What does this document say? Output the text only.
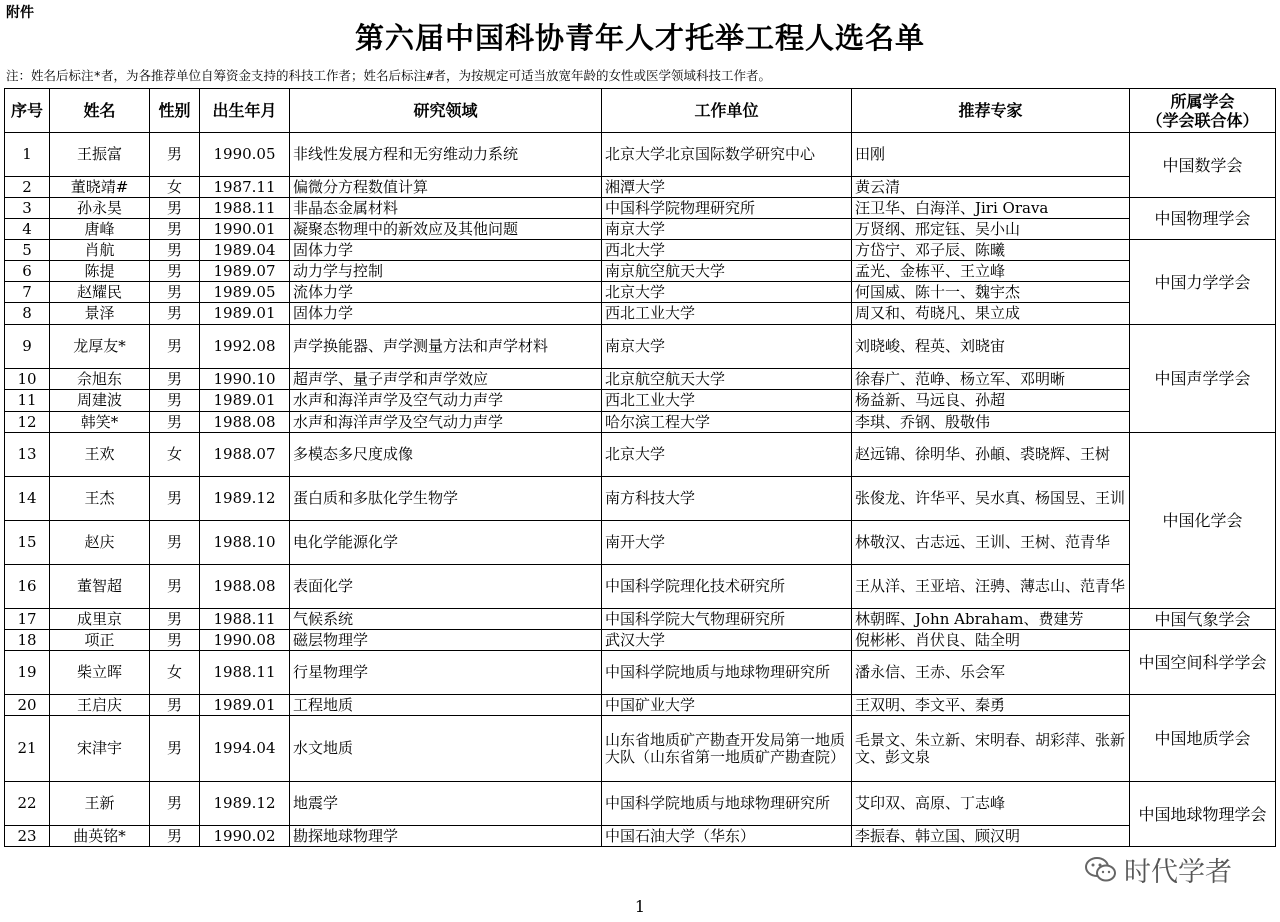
附件
第六届中国科协青年人才托举工程人选名单
注：姓名后标注*者，为各推荐单位自筹资金支持的科技工作者；姓名后标注#者，为按规定可适当放宽年龄的女性或医学领域科技工作者。
序号	姓名	性别	出生年月	研究领域	工作单位	推荐专家	所属学会
（学会联合体）
1	王振富	男	1990.05	非线性发展方程和无穷维动力系统	北京大学北京国际数学研究中心	田刚	中国数学会
2	董晓靖#	女	1987.11	偏微分方程数值计算	湘潭大学	黄云清	
3	孙永昊	男	1988.11	非晶态金属材料	中国科学院物理研究所	汪卫华、白海洋、Jiri Orava	中国物理学会
4	唐峰	男	1990.01	凝聚态物理中的新效应及其他问题	南京大学	万贤纲、邢定钰、吴小山	
5	肖航	男	1989.04	固体力学	西北大学	方岱宁、邓子辰、陈曦	中国力学学会
6	陈提	男	1989.07	动力学与控制	南京航空航天大学	孟光、金栋平、王立峰	
7	赵耀民	男	1989.05	流体力学	北京大学	何国威、陈十一、魏宇杰	
8	景泽	男	1989.01	固体力学	西北工业大学	周又和、苟晓凡、果立成	
9	龙厚友*	男	1992.08	声学换能器、声学测量方法和声学材料	南京大学	刘晓峻、程英、刘晓宙	中国声学学会
10	佘旭东	男	1990.10	超声学、量子声学和声学效应	北京航空航天大学	徐春广、范峥、杨立军、邓明晰	
11	周建波	男	1989.01	水声和海洋声学及空气动力声学	西北工业大学	杨益新、马远良、孙超	
12	韩笑*	男	1988.08	水声和海洋声学及空气动力声学	哈尔滨工程大学	李琪、乔钢、殷敬伟	
13	王欢	女	1988.07	多模态多尺度成像	北京大学	赵远锦、徐明华、孙頔、裘晓辉、王树	中国化学会
14	王杰	男	1989.12	蛋白质和多肽化学生物学	南方科技大学	张俊龙、许华平、吴水真、杨国昱、王训	
15	赵庆	男	1988.10	电化学能源化学	南开大学	林敬汉、古志远、王训、王树、范青华	
16	董智超	男	1988.08	表面化学	中国科学院理化技术研究所	王从洋、王亚培、汪骋、薄志山、范青华	
17	成里京	男	1988.11	气候系统	中国科学院大气物理研究所	林朝晖、John Abraham、费建芳	中国气象学会
18	项正	男	1990.08	磁层物理学	武汉大学	倪彬彬、肖伏良、陆全明	中国空间科学学会
19	柴立晖	女	1988.11	行星物理学	中国科学院地质与地球物理研究所	潘永信、王赤、乐会军	
20	王启庆	男	1989.01	工程地质	中国矿业大学	王双明、李文平、秦勇	中国地质学会
21	宋津宇	男	1994.04	水文地质	山东省地质矿产勘查开发局第一地质大队（山东省第一地质矿产勘查院）	毛景文、朱立新、宋明春、胡彩萍、张新文、彭文泉	
22	王新	男	1989.12	地震学	中国科学院地质与地球物理研究所	艾印双、高原、丁志峰	中国地球物理学会
23	曲英铭*	男	1990.02	勘探地球物理学	中国石油大学（华东）	李振春、韩立国、顾汉明	
1
时代学者
